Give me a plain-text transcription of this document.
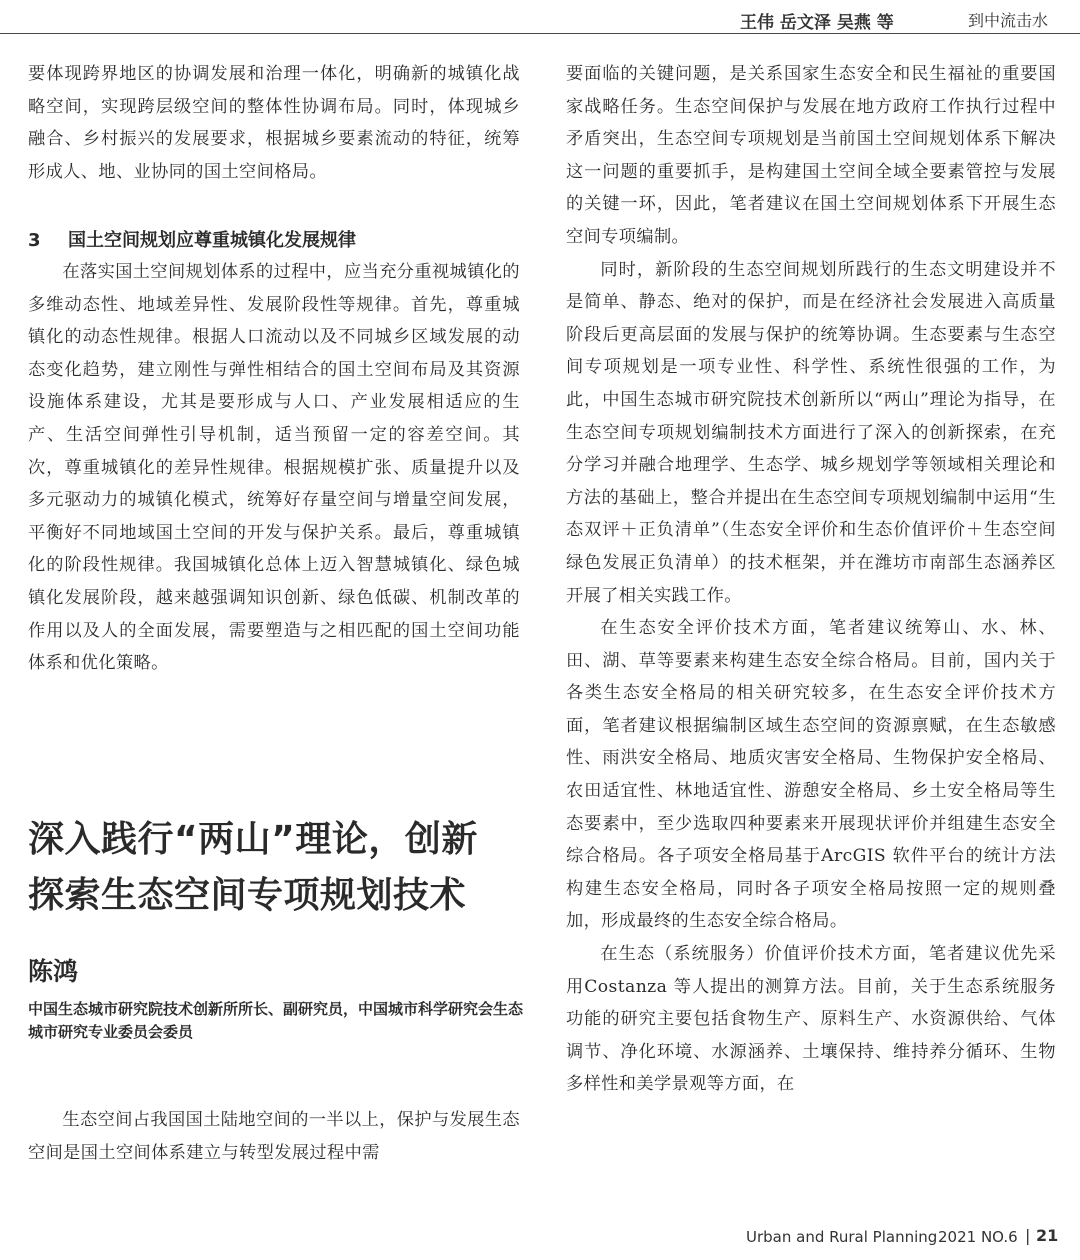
王伟 岳文泽 吴燕 等	到中流击水

要体现跨界地区的协调发展和治理一体化，明确新的城镇化战略空间，实现跨层级空间的整体性协调布局。同时，体现城乡融合、乡村振兴的发展要求，根据城乡要素流动的特征，统筹形成人、地、业协同的国土空间格局。

3 国土空间规划应尊重城镇化发展规律

在落实国土空间规划体系的过程中，应当充分重视城镇化的多维动态性、地域差异性、发展阶段性等规律。首先，尊重城镇化的动态性规律。根据人口流动以及不同城乡区域发展的动态变化趋势，建立刚性与弹性相结合的国土空间布局及其资源设施体系建设，尤其是要形成与人口、产业发展相适应的生产、生活空间弹性引导机制，适当预留一定的容差空间。其次，尊重城镇化的差异性规律。根据规模扩张、质量提升以及多元驱动力的城镇化模式，统筹好存量空间与增量空间发展，平衡好不同地域国土空间的开发与保护关系。最后，尊重城镇化的阶段性规律。我国城镇化总体上迈入智慧城镇化、绿色城镇化发展阶段，越来越强调知识创新、绿色低碳、机制改革的作用以及人的全面发展，需要塑造与之相匹配的国土空间功能体系和优化策略。

深入践行“两山”理论，创新
探索生态空间专项规划技术
陈鸿
中国生态城市研究院技术创新所所长、副研究员，中国城市科学研究会生态城市研究专业委员会委员

生态空间占我国国土陆地空间的一半以上，保护与发展生态空间是国土空间体系建立与转型发展过程中需

要面临的关键问题，是关系国家生态安全和民生福祉的重要国家战略任务。生态空间保护与发展在地方政府工作执行过程中矛盾突出，生态空间专项规划是当前国土空间规划体系下解决这一问题的重要抓手，是构建国土空间全域全要素管控与发展的关键一环，因此，笔者建议在国土空间规划体系下开展生态空间专项编制。

同时，新阶段的生态空间规划所践行的生态文明建设并不是简单、静态、绝对的保护，而是在经济社会发展进入高质量阶段后更高层面的发展与保护的统筹协调。生态要素与生态空间专项规划是一项专业性、科学性、系统性很强的工作，为此，中国生态城市研究院技术创新所以“两山”理论为指导，在生态空间专项规划编制技术方面进行了深入的创新探索，在充分学习并融合地理学、生态学、城乡规划学等领域相关理论和方法的基础上，整合并提出在生态空间专项规划编制中运用“生态双评＋正负清单”（生态安全评价和生态价值评价＋生态空间绿色发展正负清单）的技术框架，并在潍坊市南部生态涵养区开展了相关实践工作。

在生态安全评价技术方面，笔者建议统筹山、水、林、田、湖、草等要素来构建生态安全综合格局。目前，国内关于各类生态安全格局的相关研究较多，在生态安全评价技术方面，笔者建议根据编制区域生态空间的资源禀赋，在生态敏感性、雨洪安全格局、地质灾害安全格局、生物保护安全格局、农田适宜性、林地适宜性、游憩安全格局、乡土安全格局等生态要素中，至少选取四种要素来开展现状评价并组建生态安全综合格局。各子项安全格局基于ArcGIS 软件平台的统计方法构建生态安全格局，同时各子项安全格局按照一定的规则叠加，形成最终的生态安全综合格局。

在生态（系统服务）价值评价技术方面，笔者建议优先采用Costanza 等人提出的测算方法。目前，关于生态系统服务功能的研究主要包括食物生产、原料生产、水资源供给、气体调节、净化环境、水源涵养、土壤保持、维持养分循环、生物多样性和美学景观等方面，在

Urban and Rural Planning 2021 NO.6 | 21
